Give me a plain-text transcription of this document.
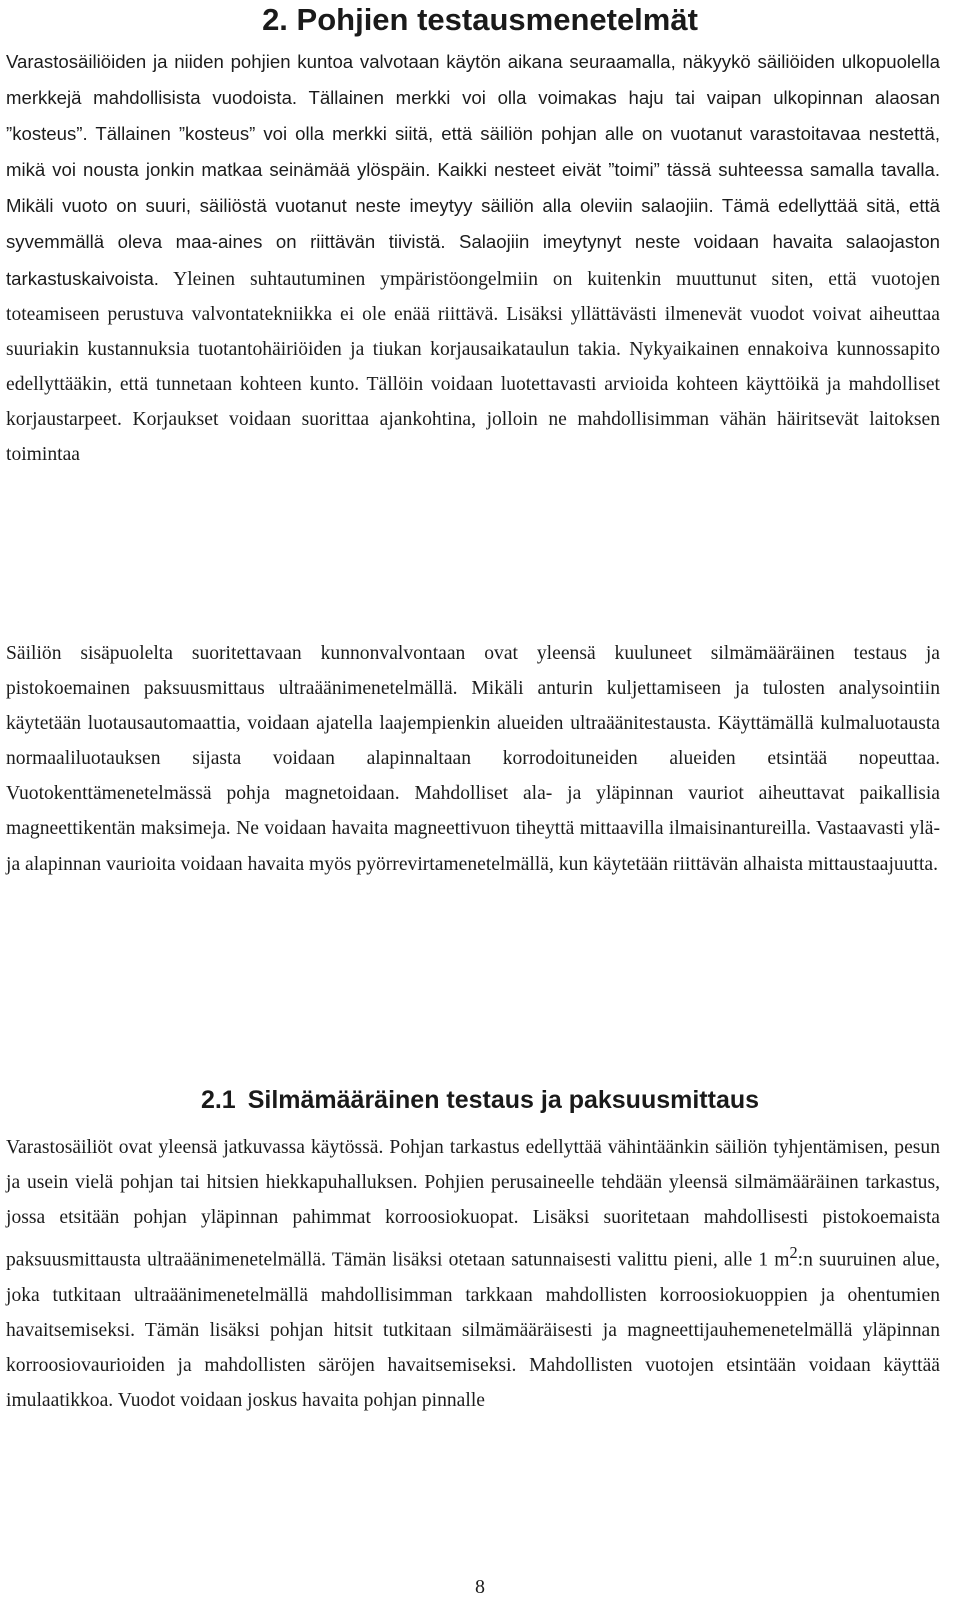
2. Pohjien testausmenetelmät

Varastosäiliöiden ja niiden pohjien kuntoa valvotaan käytön aikana seuraamalla, näkyykö säiliöiden ulkopuolella merkkejä mahdollisista vuodoista. Tällainen merkki voi olla voimakas haju tai vaipan ulkopinnan alaosan ”kosteus”. Tällainen ”kosteus” voi olla merkki siitä, että säiliön pohjan alle on vuotanut varastoitavaa nestettä, mikä voi nousta jonkin matkaa seinämää ylöspäin. Kaikki nesteet eivät ”toimi” tässä suhteessa samalla tavalla. Mikäli vuoto on suuri, säiliöstä vuotanut neste imeytyy säiliön alla oleviin salaojiin. Tämä edellyttää sitä, että syvemmällä oleva maa-aines on riittävän tiivistä. Salaojiin imeytynyt neste voidaan havaita salaojaston tarkastuskaivoista. Yleinen suhtautuminen ympäristöongelmiin on kuitenkin muuttunut siten, että vuotojen toteamiseen perustuva valvontatekniikka ei ole enää riittävä. Lisäksi yllättävästi ilmenevät vuodot voivat aiheuttaa suuriakin kustannuksia tuotantohäiriöiden ja tiukan korjausaikataulun takia. Nykyaikainen ennakoiva kunnossapito edellyttääkin, että tunnetaan kohteen kunto. Tällöin voidaan luotettavasti arvioida kohteen käyttöikä ja mahdolliset korjaustarpeet. Korjaukset voidaan suorittaa ajankohtina, jolloin ne mahdollisimman vähän häiritsevät laitoksen toimintaa

Säiliön sisäpuolelta suoritettavaan kunnonvalvontaan ovat yleensä kuuluneet silmämääräinen testaus ja pistokoemainen paksuusmittaus ultraäänimenetelmällä. Mikäli anturin kuljettamiseen ja tulosten analysointiin käytetään luotausautomaattia, voidaan ajatella laajempienkin alueiden ultraäänitestausta. Käyttämällä kulmaluotausta normaaliluotauksen sijasta voidaan alapinnaltaan korrodoituneiden alueiden etsintää nopeuttaa. Vuotokenttämenetelmässä pohja magnetoidaan. Mahdolliset ala- ja yläpinnan vauriot aiheuttavat paikallisia magneettikentän maksimeja. Ne voidaan havaita magneettivuon tiheyttä mittaavilla ilmaisinantureilla. Vastaavasti ylä- ja alapinnan vaurioita voidaan havaita myös pyörrevirtamenetelmällä, kun käytetään riittävän alhaista mittaustaajuutta.

2.1 Silmämääräinen testaus ja paksuusmittaus

Varastosäiliöt ovat yleensä jatkuvassa käytössä. Pohjan tarkastus edellyttää vähintäänkin säiliön tyhjentämisen, pesun ja usein vielä pohjan tai hitsien hiekkapuhalluksen. Pohjien perusaineelle tehdään yleensä silmämääräinen tarkastus, jossa etsitään pohjan yläpinnan pahimmat korroosiokuopat. Lisäksi suoritetaan mahdollisesti pistokoemaista paksuusmittausta ultraäänimenetelmällä. Tämän lisäksi otetaan satunnaisesti valittu pieni, alle 1 $m^2:n$ suuruinen alue, joka tutkitaan ultraäänimenetelmällä mahdollisimman tarkkaan mahdollisten korroosiokuoppien ja ohentumien havaitsemiseksi. Tämän lisäksi pohjan hitsit tutkitaan silmämääräisesti ja magneettijauhemenetelmällä yläpinnan korroosiovaurioiden ja mahdollisten säröjen havaitsemiseksi. Mahdollisten vuotojen etsintään voidaan käyttää imulaatikkoa. Vuodot voidaan joskus havaita pohjan pinnalle

8
